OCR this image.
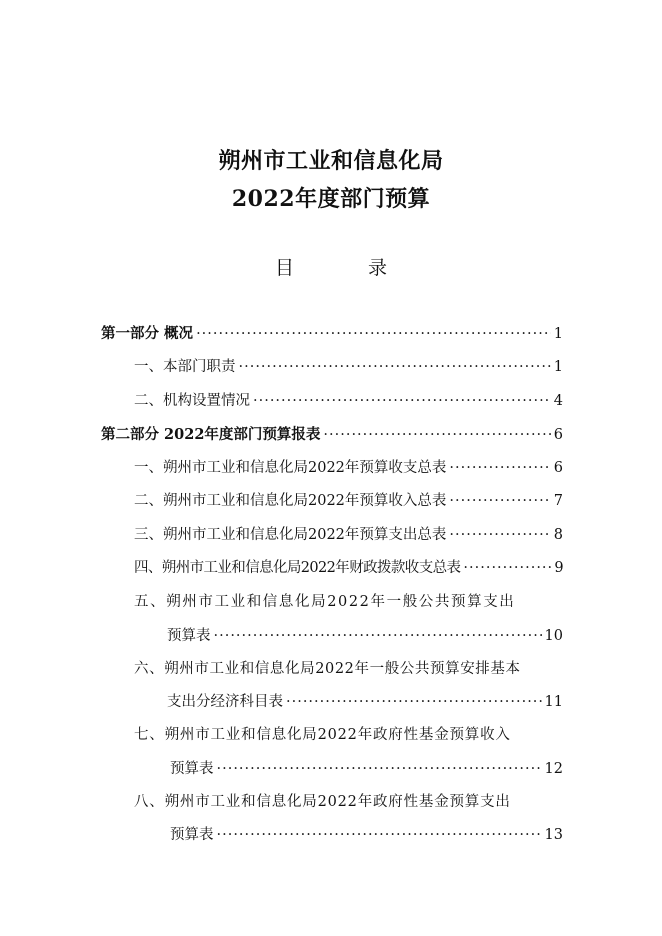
朔州市工业和信息化局
2022年度部门预算
目 录
第一部分 概况 ·····	1
一、本部门职责 ·····	1
二、机构设置情况 ·····	4
第二部分 2022年度部门预算报表 ·····	6
一、朔州市工业和信息化局2022年预算收支总表 ·····	6
二、朔州市工业和信息化局2022年预算收入总表 ·····	7
三、朔州市工业和信息化局2022年预算支出总表 ·····	8
四、朔州市工业和信息化局2022年财政拨款收支总表 ·····	9
五、朔州市工业和信息化局2022年一般公共预算支出
预算表 ·····	10
六、朔州市工业和信息化局2022年一般公共预算安排基本
支出分经济科目表 ·····	11
七、朔州市工业和信息化局2022年政府性基金预算收入
预算表 ·····	12
八、朔州市工业和信息化局2022年政府性基金预算支出
预算表 ·····	13
